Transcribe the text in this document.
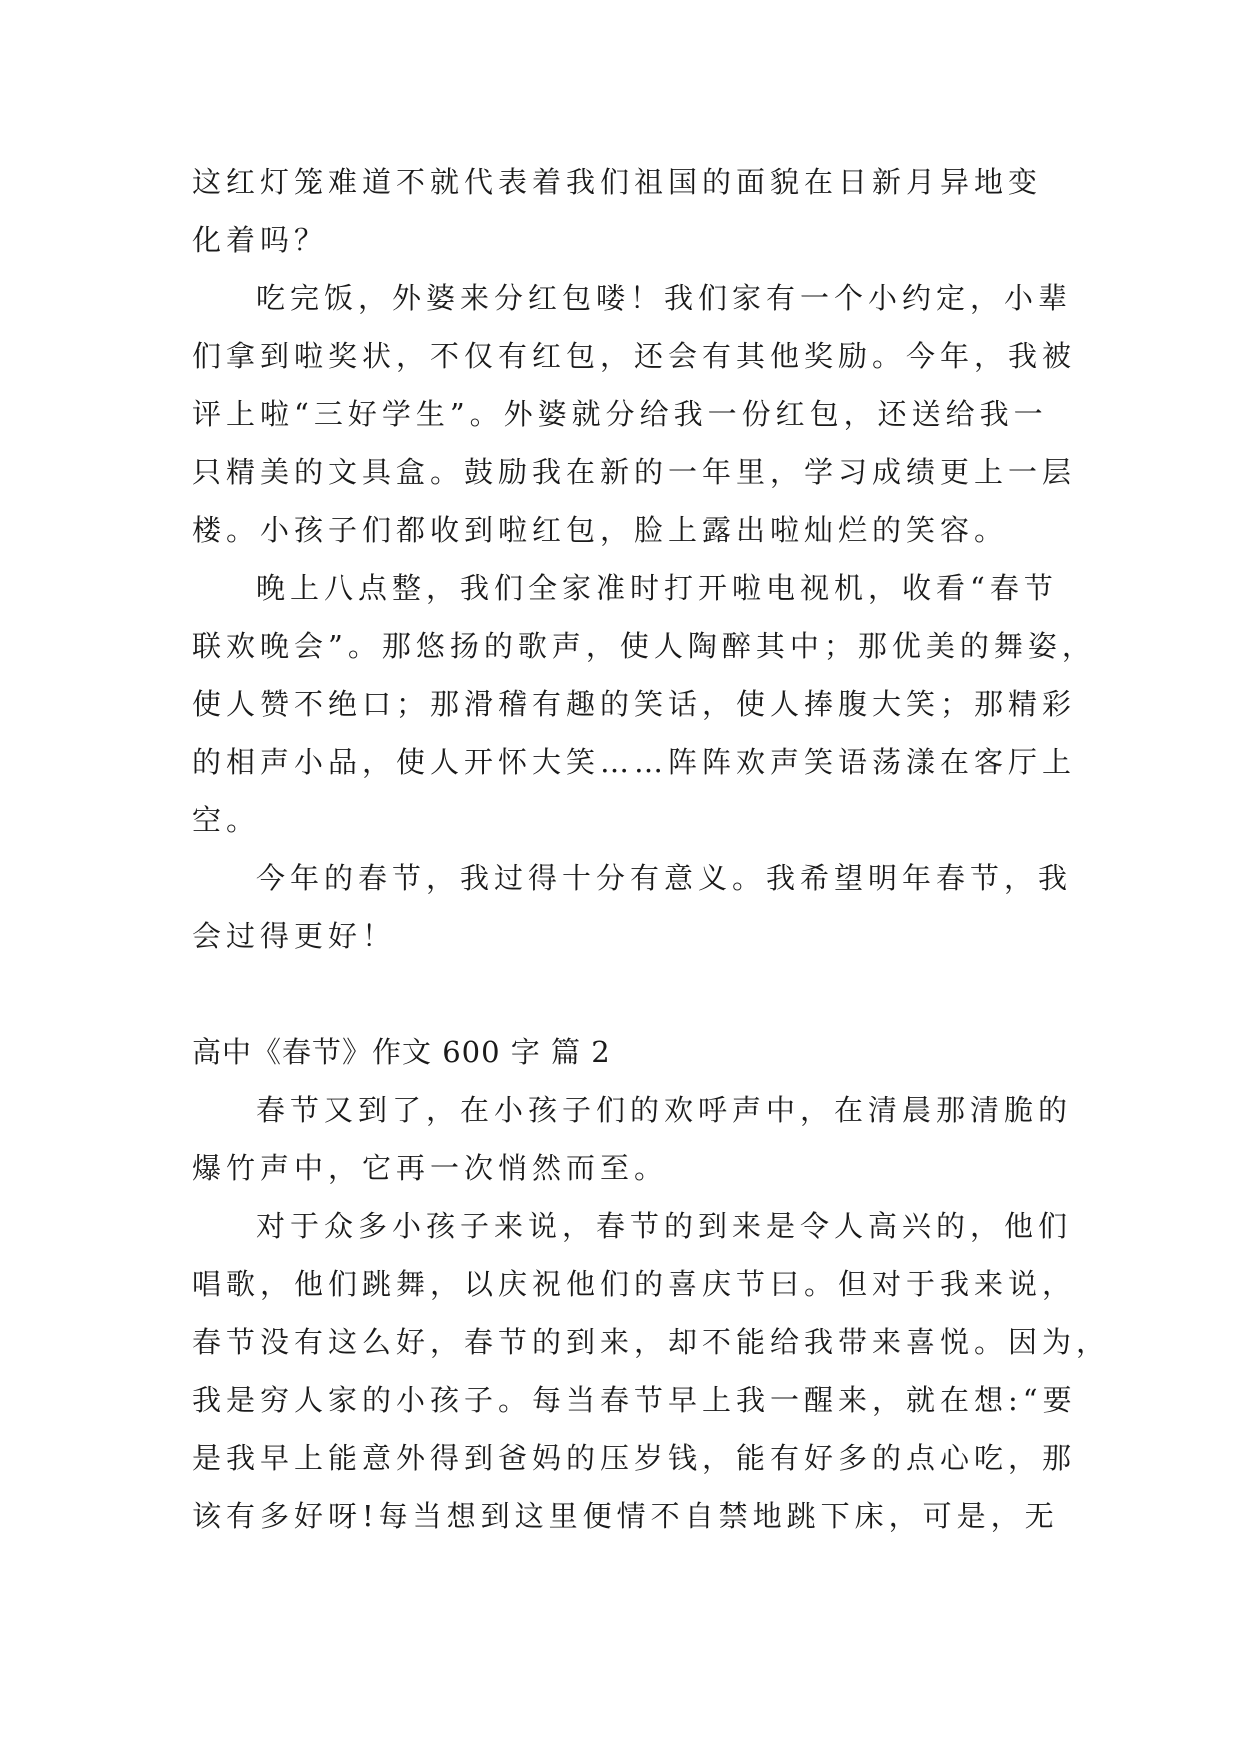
这红灯笼难道不就代表着我们祖国的面貌在日新月异地变
化着吗？
吃完饭，外婆来分红包喽！我们家有一个小约定，小辈
们拿到啦奖状，不仅有红包，还会有其他奖励。今年，我被
评上啦“三好学生”。外婆就分给我一份红包，还送给我一
只精美的文具盒。鼓励我在新的一年里，学习成绩更上一层
楼。小孩子们都收到啦红包，脸上露出啦灿烂的笑容。
晚上八点整，我们全家准时打开啦电视机，收看“春节
联欢晚会”。那悠扬的歌声，使人陶醉其中；那优美的舞姿，
使人赞不绝口；那滑稽有趣的笑话，使人捧腹大笑；那精彩
的相声小品，使人开怀大笑……阵阵欢声笑语荡漾在客厅上
空。
今年的春节，我过得十分有意义。我希望明年春节，我
会过得更好！
高中《春节》作文 600 字 篇 2
春节又到了，在小孩子们的欢呼声中，在清晨那清脆的
爆竹声中，它再一次悄然而至。
对于众多小孩子来说，春节的到来是令人高兴的，他们
唱歌，他们跳舞，以庆祝他们的喜庆节曰。但对于我来说，
春节没有这么好，春节的到来，却不能给我带来喜悦。因为，
我是穷人家的小孩子。每当春节早上我一醒来，就在想:“要
是我早上能意外得到爸妈的压岁钱，能有好多的点心吃，那
该有多好呀!每当想到这里便情不自禁地跳下床，可是，无
